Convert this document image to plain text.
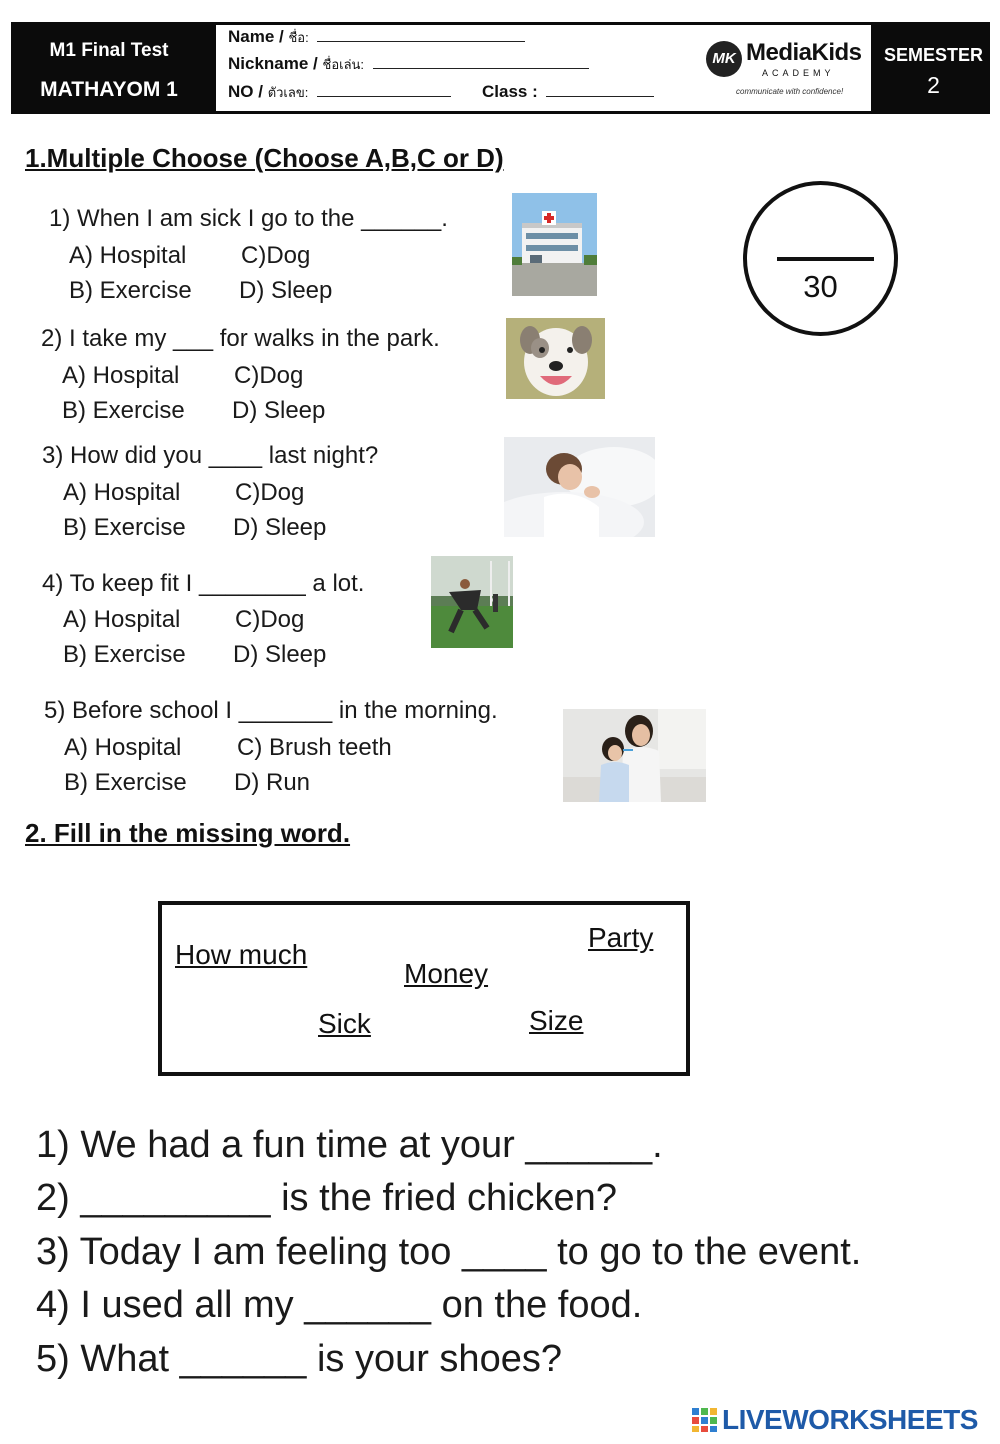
M1 Final Test
MATHAYOM 1
Name / ชื่อ:
Nickname / ชื่อเล่น:
NO / ตัวเลข:	Class :
MK MediaKids
ACADEMY
communicate with confidence!
SEMESTER
2
1.Multiple Choose (Choose A,B,C or D)
30
1) When I am sick I go to the ______.
A) Hospital C)Dog
B) Exercise D) Sleep
2) I take my ___ for walks in the park.
A) Hospital C)Dog
B) Exercise D) Sleep
3) How did you ____ last night?
A) Hospital C)Dog
B) Exercise D) Sleep
4) To keep fit I ________ a lot.
A) Hospital C)Dog
B) Exercise D) Sleep
5) Before school I _______ in the morning.
A) Hospital C) Brush teeth
B) Exercise D) Run
2. Fill in the missing word.
How much
Money
Party
Sick	Size
1) We had a fun time at your ______.
2) _________ is the fried chicken?
3) Today I am feeling too ____ to go to the event.
4) I used all my ______ on the food.
5) What ______ is your shoes?
LIVEWORKSHEETS
